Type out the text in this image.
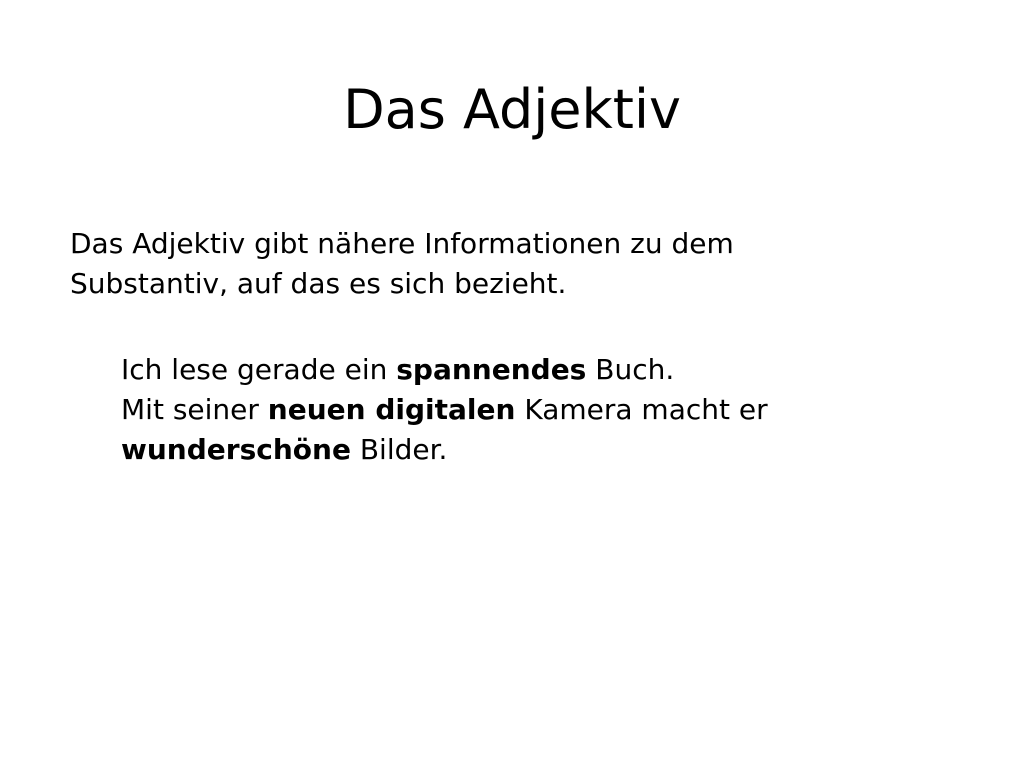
Das Adjektiv
Das Adjektiv gibt nähere Informationen zu dem
Substantiv, auf das es sich bezieht.
Ich lese gerade ein spannendes Buch.
Mit seiner neuen digitalen Kamera macht er
wunderschöne Bilder.
